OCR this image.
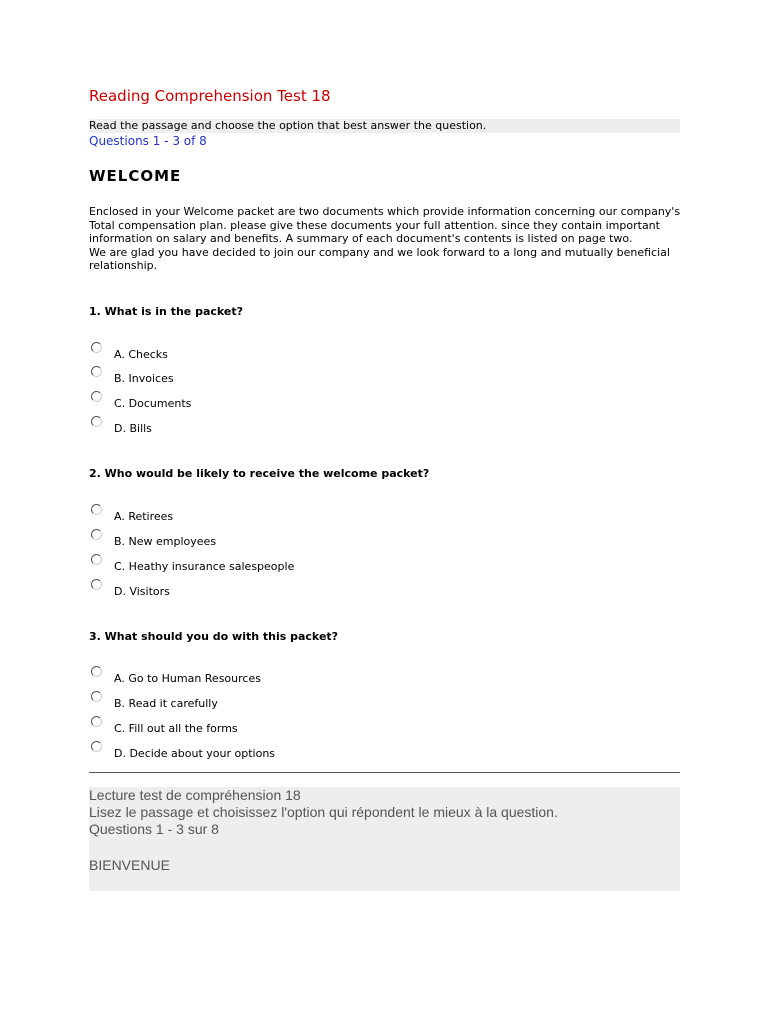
Reading Comprehension Test 18
Read the passage and choose the option that best answer the question.
Questions 1 - 3 of 8
WELCOME

Enclosed in your Welcome packet are two documents which provide information concerning our company's Total compensation plan. please give these documents your full attention. since they contain important information on salary and benefits. A summary of each document's contents is listed on page two.

We are glad you have decided to join our company and we look forward to a long and mutually beneficial relationship.

1. What is in the packet?
A. Checks
B. Invoices
C. Documents
D. Bills
2. Who would be likely to receive the welcome packet?
A. Retirees
B. New employees
C. Heathy insurance salespeople
D. Visitors
3. What should you do with this packet?
A. Go to Human Resources
B. Read it carefully
C. Fill out all the forms
D. Decide about your options
Lecture test de compréhension 18
Lisez le passage et choisissez l'option qui répondent le mieux à la question.
Questions 1 - 3 sur 8
BIENVENUE
